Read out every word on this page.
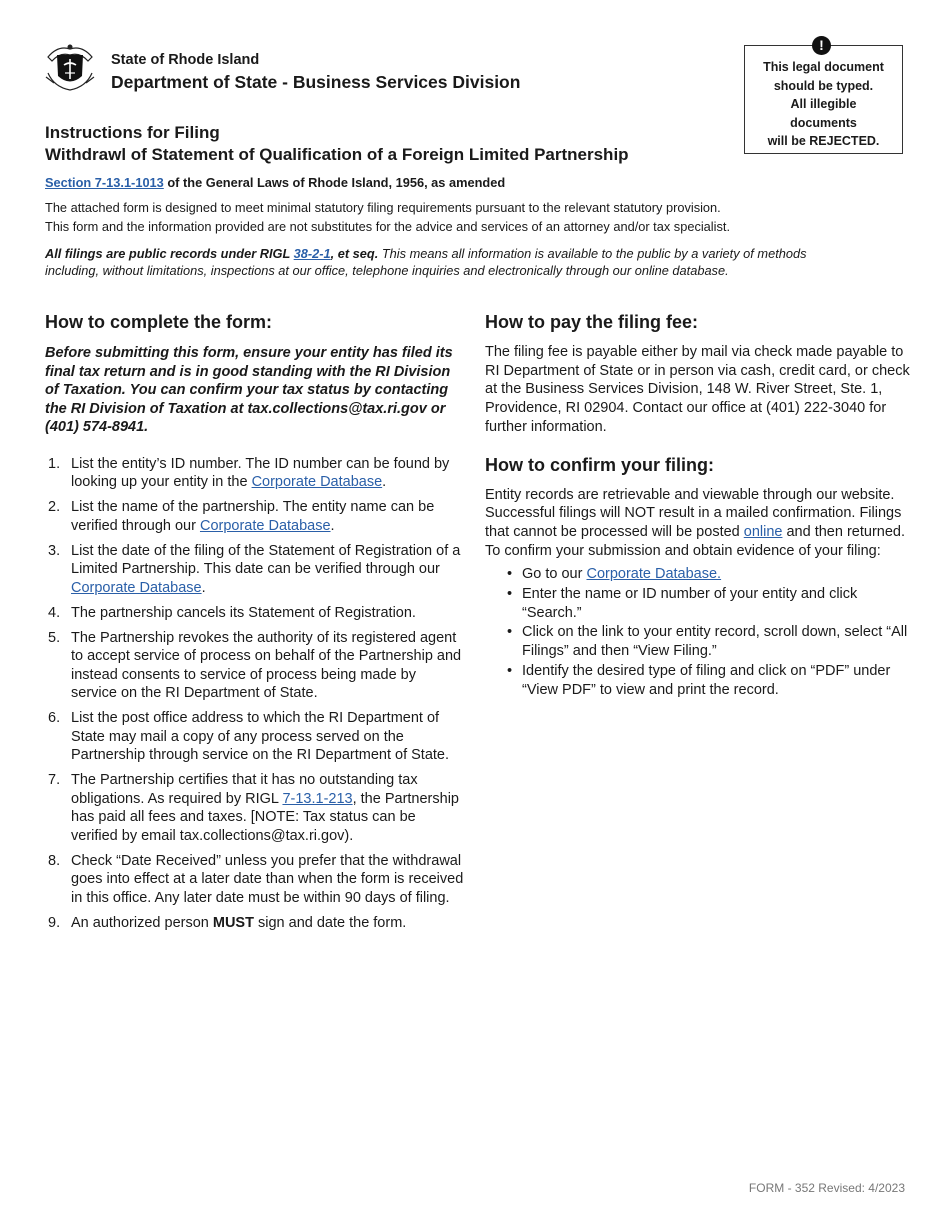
State of Rhode Island
Department of State - Business Services Division
This legal document
should be typed.
All illegible
documents
will be REJECTED.
!
Instructions for Filing
Withdrawl of Statement of Qualification of a Foreign Limited Partnership
Section 7-13.1-1013 of the General Laws of Rhode Island, 1956, as amended
The attached form is designed to meet minimal statutory filing requirements pursuant to the relevant statutory provision.
This form and the information provided are not substitutes for the advice and services of an attorney and/or tax specialist.
All filings are public records under RIGL 38-2-1, et seq. This means all information is available to the public by a variety of methods including, without limitations, inspections at our office, telephone inquiries and electronically through our online database.
How to complete the form:
Before submitting this form, ensure your entity has filed its final tax return and is in good standing with the RI Division of Taxation. You can confirm your tax status by contacting the RI Division of Taxation at tax.collections@tax.ri.gov or (401) 574-8941.
1. List the entity’s ID number. The ID number can be found by looking up your entity in the Corporate Database.
2. List the name of the partnership. The entity name can be verified through our Corporate Database.
3. List the date of the filing of the Statement of Registration of a Limited Partnership. This date can be verified through our Corporate Database.
4. The partnership cancels its Statement of Registration.
5. The Partnership revokes the authority of its registered agent to accept service of process on behalf of the Partnership and instead consents to service of process being made by service on the RI Department of State.
6. List the post office address to which the RI Department of State may mail a copy of any process served on the Partnership through service on the RI Department of State.
7. The Partnership certifies that it has no outstanding tax obligations. As required by RIGL 7-13.1-213, the Partnership has paid all fees and taxes. [NOTE: Tax status can be verified by email tax.collections@tax.ri.gov).
8. Check “Date Received” unless you prefer that the withdrawal goes into effect at a later date than when the form is received in this office. Any later date must be within 90 days of filing.
9. An authorized person MUST sign and date the form.
How to pay the filing fee:
The filing fee is payable either by mail via check made payable to RI Department of State or in person via cash, credit card, or check at the Business Services Division, 148 W. River Street, Ste. 1, Providence, RI 02904. Contact our office at (401) 222-3040 for further information.
How to confirm your filing:
Entity records are retrievable and viewable through our website. Successful filings will NOT result in a mailed confirmation. Filings that cannot be processed will be posted online and then returned. To confirm your submission and obtain evidence of your filing:
• Go to our Corporate Database.
• Enter the name or ID number of your entity and click “Search.”
• Click on the link to your entity record, scroll down, select “All Filings” and then “View Filing.”
• Identify the desired type of filing and click on “PDF” under “View PDF” to view and print the record.
FORM - 352 Revised: 4/2023
